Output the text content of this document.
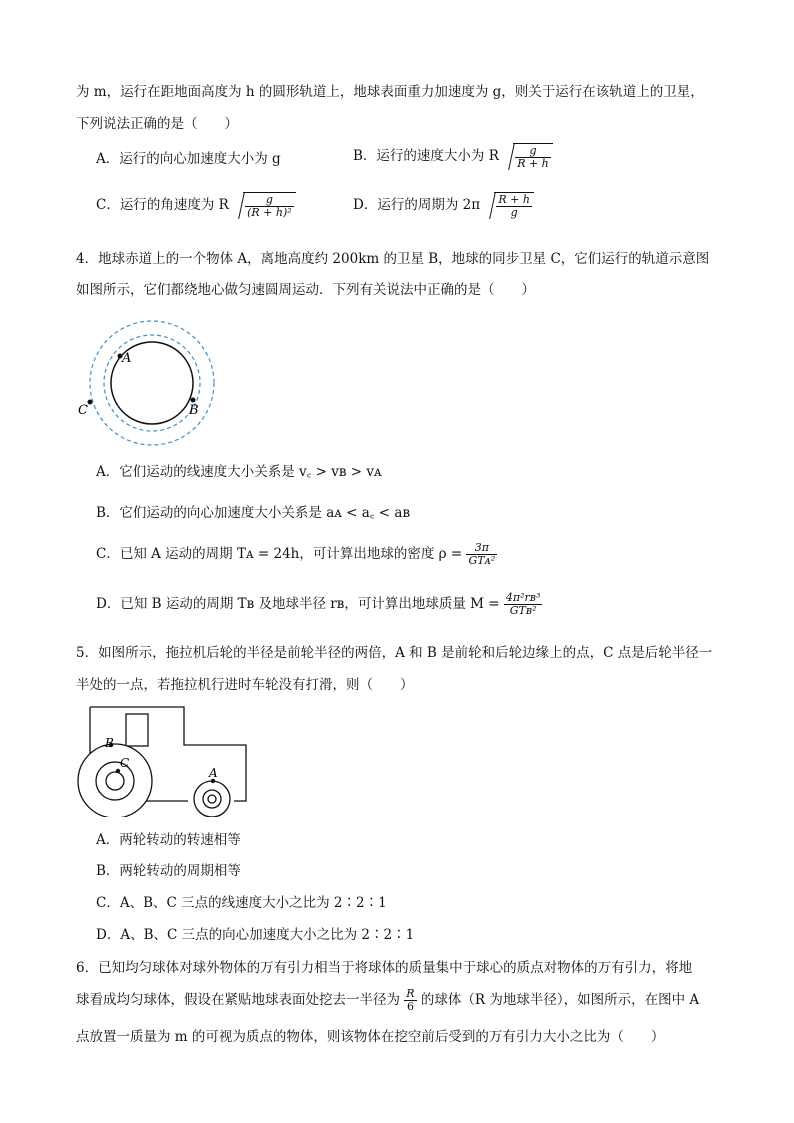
为 m，运行在距地面高度为 h 的圆形轨道上，地球表面重力加速度为 g，则关于运行在该轨道上的卫星，
下列说法正确的是（　　）
A．运行的向心加速度大小为 g	B．运行的速度大小为 R $\frac{g}{R + h}$
C．运行的角速度为 R $\frac{g}{\text{(R + h)²}}$	D．运行的周期为 $2\pi \frac{R + h}{g}$
4．地球赤道上的一个物体 A，离地高度约 200km 的卫星 B，地球的同步卫星 C，它们运行的轨道示意图
如图所示，它们都绕地心做匀速圆周运动．下列有关说法中正确的是（　　）
A
C	B
A．它们运动的线速度大小关系是 v꜀ > vʙ > vᴀ
B．它们运动的向心加速度大小关系是 aᴀ < a꜀ < aʙ
C．已知 A 运动的周期 Tᴀ = 24h，可计算出地球的密度 $\rho = \frac{3\pi}{\text{GTᴀ²}}$
D．已知 B 运动的周期 Tʙ 及地球半径 rʙ，可计算出地球质量 $M = \frac{\text{4π²rʙ³}}{\text{GTʙ²}}$
5．如图所示，拖拉机后轮的半径是前轮半径的两倍，A 和 B 是前轮和后轮边缘上的点，C 点是后轮半径一
半处的一点，若拖拉机行进时车轮没有打滑，则（　　）
B
C
A
A．两轮转动的转速相等
B．两轮转动的周期相等
C．A、B、C 三点的线速度大小之比为 2∶2∶1
D．A、B、C 三点的向心加速度大小之比为 2∶2∶1
6．已知均匀球体对球外物体的万有引力相当于将球体的质量集中于球心的质点对物体的万有引力，将地
球看成均匀球体，假设在紧贴地球表面处挖去一半径为 $\frac{R}{6}$ 的球体（R 为地球半径），如图所示，在图中 A
点放置一质量为 m 的可视为质点的物体，则该物体在挖空前后受到的万有引力大小之比为（　　）
